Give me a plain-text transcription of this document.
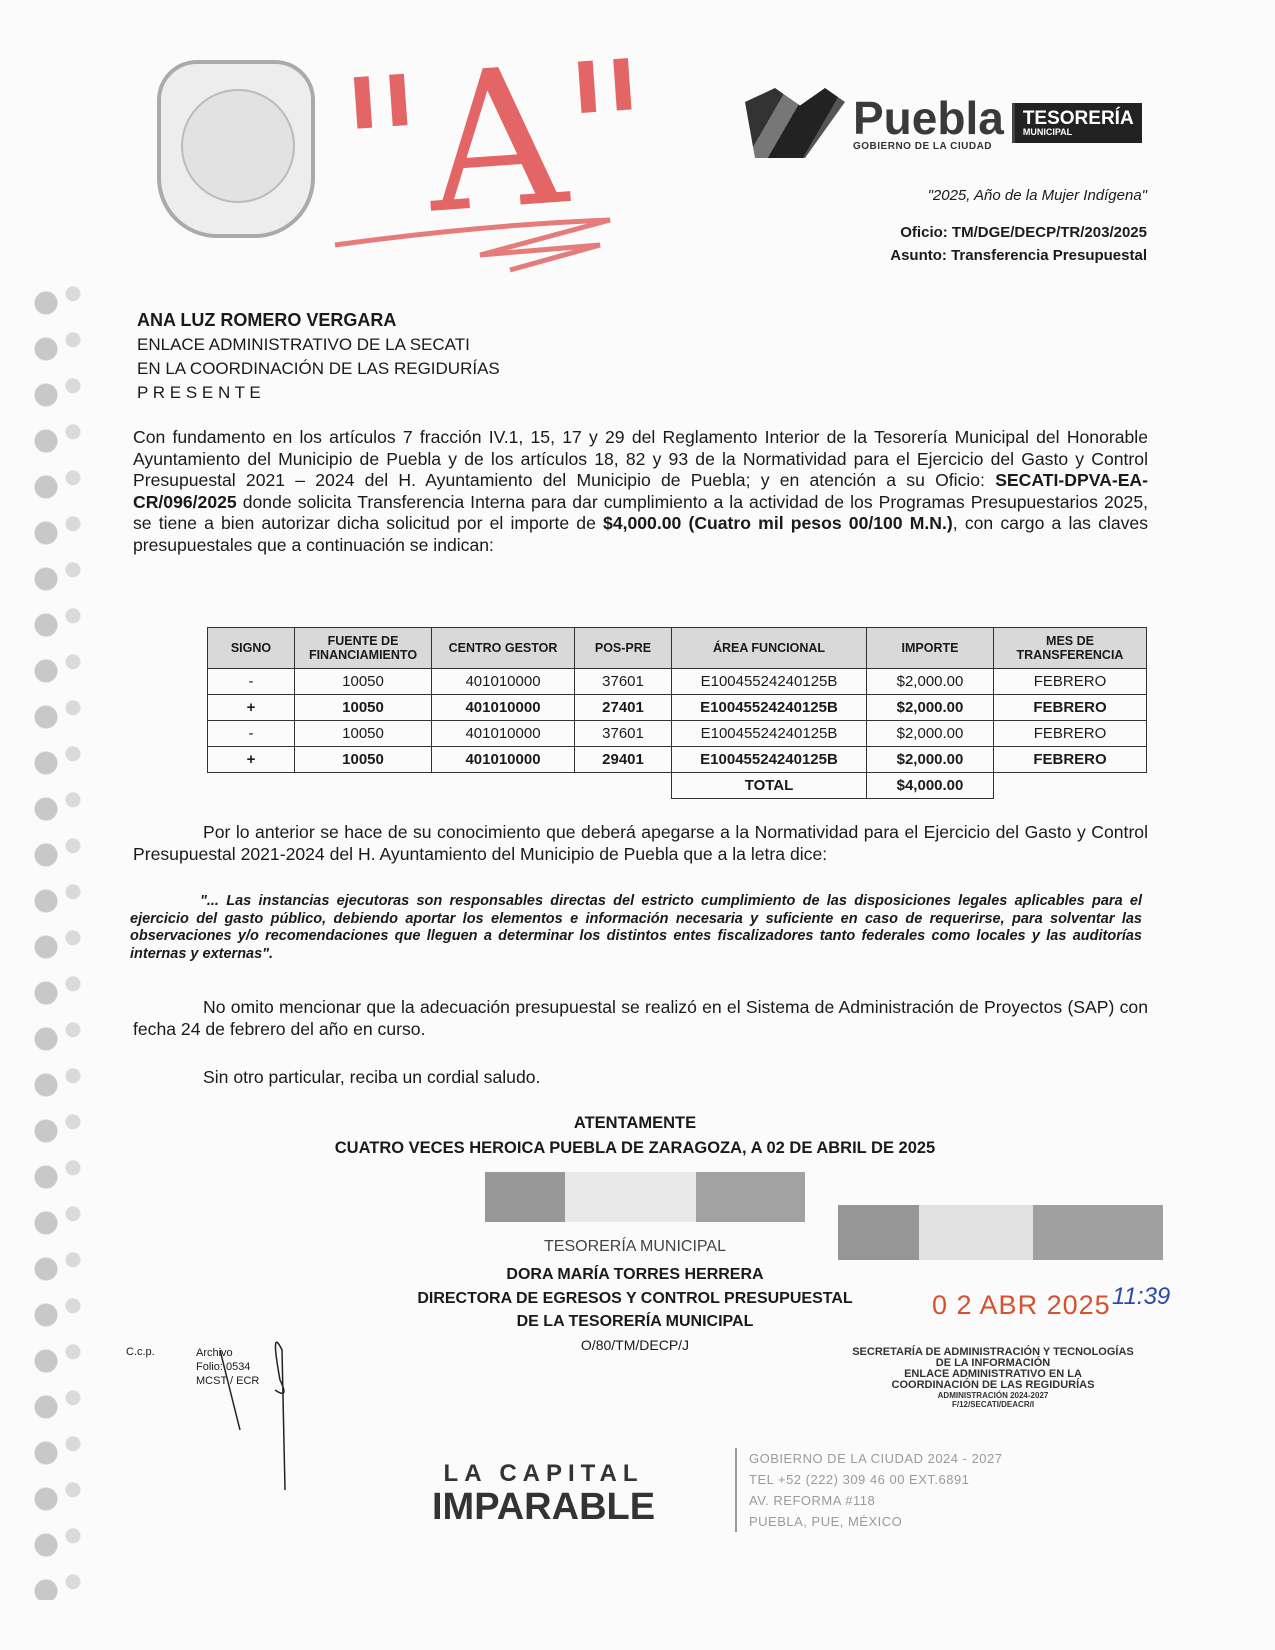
"A"	Puebla
GOBIERNO DE LA CIUDAD
TESORERÍA
MUNICIPAL
"2025, Año de la Mujer Indígena"
Oficio: TM/DGE/DECP/TR/203/2025
Asunto: Transferencia Presupuestal
ANA LUZ ROMERO VERGARA
ENLACE ADMINISTRATIVO DE LA SECATI
EN LA COORDINACIÓN DE LAS REGIDURÍAS
P R E S E N T E
Con fundamento en los artículos 7 fracción IV.1, 15, 17 y 29 del Reglamento Interior de la Tesorería Municipal del Honorable Ayuntamiento del Municipio de Puebla y de los artículos 18, 82 y 93 de la Normatividad para el Ejercicio del Gasto y Control Presupuestal 2021 – 2024 del H. Ayuntamiento del Municipio de Puebla; y en atención a su Oficio: SECATI-DPVA-EA-CR/096/2025 donde solicita Transferencia Interna para dar cumplimiento a la actividad de los Programas Presupuestarios 2025, se tiene a bien autorizar dicha solicitud por el importe de $4,000.00 (Cuatro mil pesos 00/100 M.N.), con cargo a las claves presupuestales que a continuación se indican:
SIGNO	FUENTE DE FINANCIAMIENTO	CENTRO GESTOR	POS-PRE	ÁREA FUNCIONAL	IMPORTE	MES DE TRANSFERENCIA
-	10050	401010000	37601	E10045524240125B	$2,000.00	FEBRERO
+	10050	401010000	27401	E10045524240125B	$2,000.00	FEBRERO
-	10050	401010000	37601	E10045524240125B	$2,000.00	FEBRERO
+	10050	401010000	29401	E10045524240125B	$2,000.00	FEBRERO
				TOTAL	$4,000.00	
Por lo anterior se hace de su conocimiento que deberá apegarse a la Normatividad para el Ejercicio del Gasto y Control Presupuestal 2021-2024 del H. Ayuntamiento del Municipio de Puebla que a la letra dice:
"... Las instancias ejecutoras son responsables directas del estricto cumplimiento de las disposiciones legales aplicables para el ejercicio del gasto público, debiendo aportar los elementos e información necesaria y suficiente en caso de requerirse, para solventar las observaciones y/o recomendaciones que lleguen a determinar los distintos entes fiscalizadores tanto federales como locales y las auditorías internas y externas".
No omito mencionar que la adecuación presupuestal se realizó en el Sistema de Administración de Proyectos (SAP) con fecha 24 de febrero del año en curso.
Sin otro particular, reciba un cordial saludo.
ATENTAMENTE
CUATRO VECES HEROICA PUEBLA DE ZARAGOZA, A 02 DE ABRIL DE 2025
TESORERÍA MUNICIPAL
DORA MARÍA TORRES HERRERA
DIRECTORA DE EGRESOS Y CONTROL PRESUPUESTAL
DE LA TESORERÍA MUNICIPAL
O/80/TM/DECP/J
0 2 ABR 2025 11:39
SECRETARÍA DE ADMINISTRACIÓN Y TECNOLOGÍAS
DE LA INFORMACIÓN
ENLACE ADMINISTRATIVO EN LA
COORDINACIÓN DE LAS REGIDURÍAS
ADMINISTRACIÓN 2024-2027
F/12/SECATI/DEACR/I
C.c.p.	Archivo
Folio: 0534
MCST / ECR
LA CAPITAL
IMPARABLE
GOBIERNO DE LA CIUDAD 2024 - 2027
TEL +52 (222) 309 46 00 EXT.6891
AV. REFORMA #118
PUEBLA, PUE, MÉXICO
